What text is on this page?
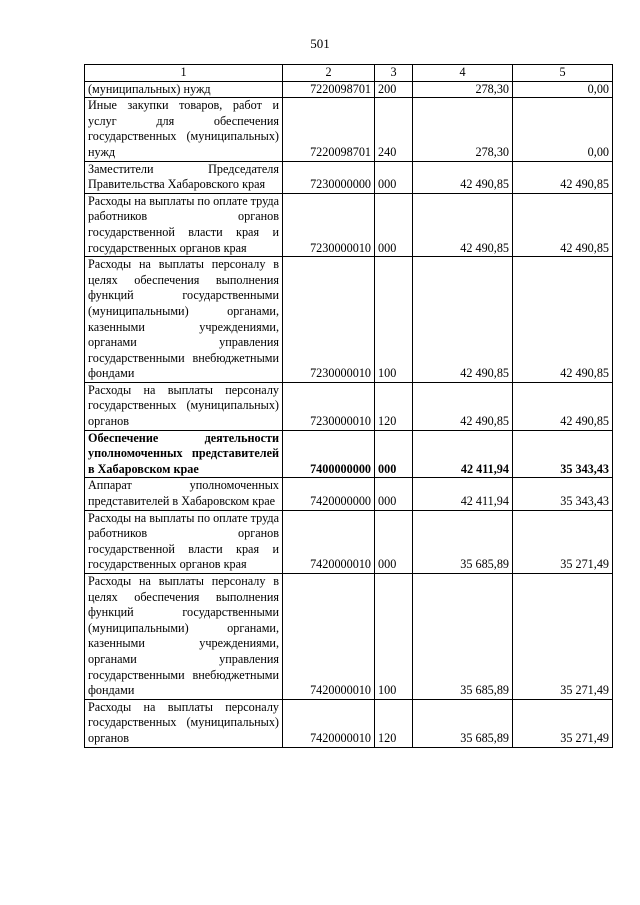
501
1	2	3	4	5
(муниципальных) нужд	7220098701	200	278,30	0,00
Иные закупки товаров, работ и услуг для обеспечения государственных (муниципальных) нужд	7220098701	240	278,30	0,00
Заместители Председателя Правительства Хабаровского края	7230000000	000	42 490,85	42 490,85
Расходы на выплаты по оплате труда работников органов государственной власти края и государственных органов края	7230000010	000	42 490,85	42 490,85
Расходы на выплаты персоналу в целях обеспечения выполнения функций государственными (муниципальными) органами, казенными учреждениями, органами управления государственными внебюджетными фондами	7230000010	100	42 490,85	42 490,85
Расходы на выплаты персоналу государственных (муниципальных) органов	7230000010	120	42 490,85	42 490,85
Обеспечение деятельности уполномоченных представителей в Хабаровском крае	7400000000	000	42 411,94	35 343,43
Аппарат уполномоченных представителей в Хабаровском крае	7420000000	000	42 411,94	35 343,43
Расходы на выплаты по оплате труда работников органов государственной власти края и государственных органов края	7420000010	000	35 685,89	35 271,49
Расходы на выплаты персоналу в целях обеспечения выполнения функций государственными (муниципальными) органами, казенными учреждениями, органами управления государственными внебюджетными фондами	7420000010	100	35 685,89	35 271,49
Расходы на выплаты персоналу государственных (муниципальных) органов	7420000010	120	35 685,89	35 271,49
